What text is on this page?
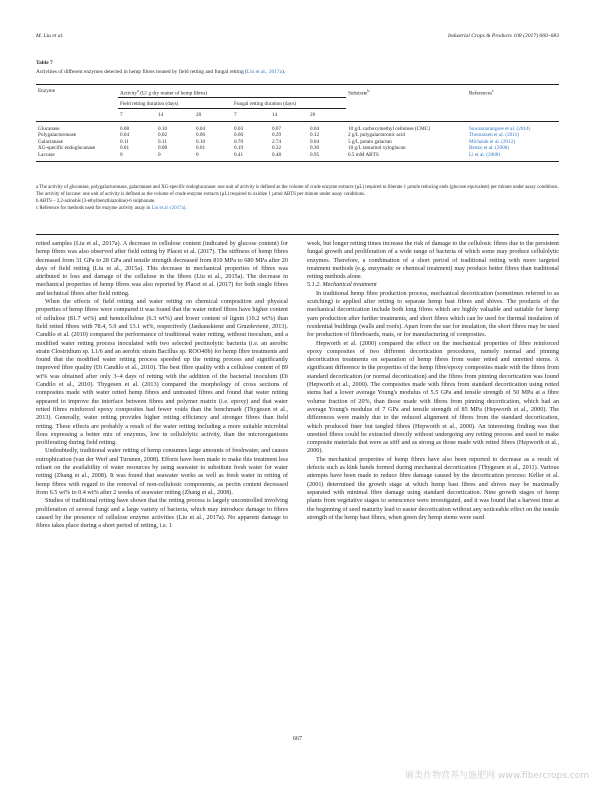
M. Liu et al.	Industrial Crops & Products 108 (2017) 660–683
Table 7
Activities of different enzymes detected in hemp fibres treated by field retting and fungal retting (Liu et al., 2017a).
Enzyme	Activity$^a$ (U/ g dry matter of hemp fibres)						Substrate$^b$	References$^c$
	Field retting duration (days)			Fungal retting duration (days)				
	7	14	20	7	14	20		

Glucanase	0.08	0.10	0.04	0.03	0.07	0.04	10 g/L carboxymethyl cellulose (CMC)	Suwannarangsee et al. (2014)
Polygalacturonase	0.04	0.02	0.06	0.60	0.29	0.12	2 g/L polygalacturonic acid	Thomassen et al. (2011)
Galactanase	0.11	0.11	0.10	0.70	2.74	0.04	5 g/L potato galactan	Michalak et al. (2012)
XG-specific endoglucanase	0.01	0.08	0.01	0.19	0.32	0.30	10 g/L tamarind xyloglucan	Benko et al. (2008)
Laccase	0	0	0	0.41	0.48	0.95	0.5 mM ABTS	Li et al. (2008)

a The activity of glucanase, polygalacturonase, galactanase and XG-specific endoglucanase: one unit of activity is defined as the volume of crude enzyme extracts (µL) required to liberate 1 µmole reducing ends (glucose equivalent) per minute under assay conditions. The activity of laccase: one unit of activity is defined as the volume of crude enzyme extracts (µL) required to oxidize 1 µmol ABTS per minute under assay conditions.

b ABTS – 2,2-azinobis (3-ethylbenzthiazoline)-6 sulphonate.

c Reference for methods used for enzyme activity assay in Liu et al. (2017a).

retted samples (Liu et al., 2017a). A decrease in cellulose content (indicated by glucose content) for hemp fibres was also observed after field retting by Placet et al. (2017). The stiffness of hemp fibres decreased from 31 GPa to 28 GPa and tensile strength decreased from 810 MPa to 680 MPa after 20 days of field retting (Liu et al., 2015a). This decrease in mechanical properties of fibres was attributed to loss and damage of the cellulose in the fibres (Liu et al., 2015a). The decrease in mechanical properties of hemp fibres was also reported by Placet et al. (2017) for both single fibres and technical fibres after field retting.

When the effects of field retting and water retting on chemical composition and physical properties of hemp fibres were compared it was found that the water retted fibres have higher content of cellulose (81.7 wt%) and hemicellulose (6.3 wt%) and lower content of lignin (10.2 wt%) than field retted fibres with 78.4, 5.9 and 13.1 wt%, respectively (Jankauskienė and Gruzdevienė, 2013). Candilo et al. (2010) compared the performance of traditional water retting, without inoculum, and a modified water retting process inoculated with two selected pectinolytic bacteria (i.e. an aerobic strain Clostridium sp. L1/6 and an aerobic strain Bacillus sp. ROO40b) for hemp fibre treatments and found that the modified water retting process speeded up the retting process and significantly improved fibre quality (Di Candilo et al., 2010). The best fibre quality with a cellulose content of 89 wt% was obtained after only 3–4 days of retting with the addition of the bacterial inoculum (Di Candilo et al., 2010). Thygesen et al. (2013) compared the morphology of cross sections of composites made with water retted hemp fibres and untreated fibres and found that water retting appeared to improve the interface between fibres and polymer matrix (i.e. epoxy) and that water retted fibres reinforced epoxy composites had fewer voids than the benchmark (Thygesen et al., 2013). Generally, water retting provides higher retting efficiency and stronger fibres than field retting. These effects are probably a result of the water retting including a more suitable microbial flora expressing a better mix of enzymes, low in cellulolytic activity, than the microorganisms proliferating during field retting.

Undoubtedly, traditional water retting of hemp consumes large amounts of freshwater, and causes eutrophication (van der Werf and Turunen, 2008). Efforts have been made to make this treatment less reliant on the availability of water resources by using seawater to substitute fresh water for water retting (Zhang et al., 2008). It was found that seawater works as well as fresh water in retting of hemp fibres with regard to the removal of non-cellulosic components, as pectin content decreased from 6.5 wt% to 0.4 wt% after 2 weeks of seawater retting (Zhang et al., 2008).

Studies of traditional retting have shown that the retting process is largely uncontrolled involving proliferation of several fungi and a large variety of bacteria, which may introduce damage to fibres caused by the presence of cellulose enzyme activities (Liu et al., 2017a). No apparent damage to fibres takes place during a short period of retting, i.e. 1

week, but longer retting times increase the risk of damage to the cellulosic fibres due to the persistent fungal growth and proliferation of a wide range of bacteria of which some may produce cellulolytic enzymes. Therefore, a combination of a short period of traditional retting with more targeted treatment methods (e.g. enzymatic or chemical treatment) may produce better fibres than traditional retting methods alone.

5.1.2. Mechanical treatment

In traditional hemp fibre production process, mechanical decortication (sometimes referred to as scutching) is applied after retting to separate hemp bast fibres and shives. The products of the mechanical decortication include both long fibres which are highly valuable and suitable for hemp yarn production after further treatments, and short fibres which can be used for thermal insulation of residential buildings (walls and roofs). Apart from the use for insulation, the short fibres may be used for production of fibreboards, mats, or for manufacturing of composites.

Hepworth et al. (2000) compared the effect on the mechanical properties of fibre reinforced epoxy composites of two different decortication procedures, namely normal and pinning decortication treatments on separation of hemp fibres from water retted and unretted stems. A significant difference in the properties of the hemp fibre/epoxy composites made with the fibres from standard decortication (or normal decortication) and the fibres from pinning decortication was found (Hepworth et al., 2000). The composites made with fibres from standard decortication using retted stems had a lower average Young's modulus of 5.5 GPa and tensile strength of 50 MPa at a fibre volume fraction of 20%, than those made with fibres from pinning decortication, which had an average Young's modulus of 7 GPa and tensile strength of 85 MPa (Hepworth et al., 2000). The differences were mainly due to the reduced alignment of fibres from the standard decortication, which produced finer but tangled fibres (Hepworth et al., 2000). An interesting finding was that unretted fibres could be extracted directly without undergoing any retting process and used to make composite materials that were as stiff and as strong as those made with retted fibres (Hepworth et al., 2000).

The mechanical properties of hemp fibres have also been reported to decrease as a result of defects such as kink bands formed during mechanical decortication (Thygesen et al., 2011). Various attempts have been made to reduce fibre damage caused by the decortication process: Keller et al. (2001) determined the growth stage at which hemp bast fibres and shives may be maximally separated with minimal fibre damage using standard decortication. Nine growth stages of hemp plants from vegetative stages to senescence were investigated, and it was found that a harvest time at the beginning of seed maturity lead to easier decortication without any noticeable effect on the tensile strength of the hemp bast fibres, when green dry hemp stems were used

667
麻类作物营养与施肥网 www.fibercrops.com
